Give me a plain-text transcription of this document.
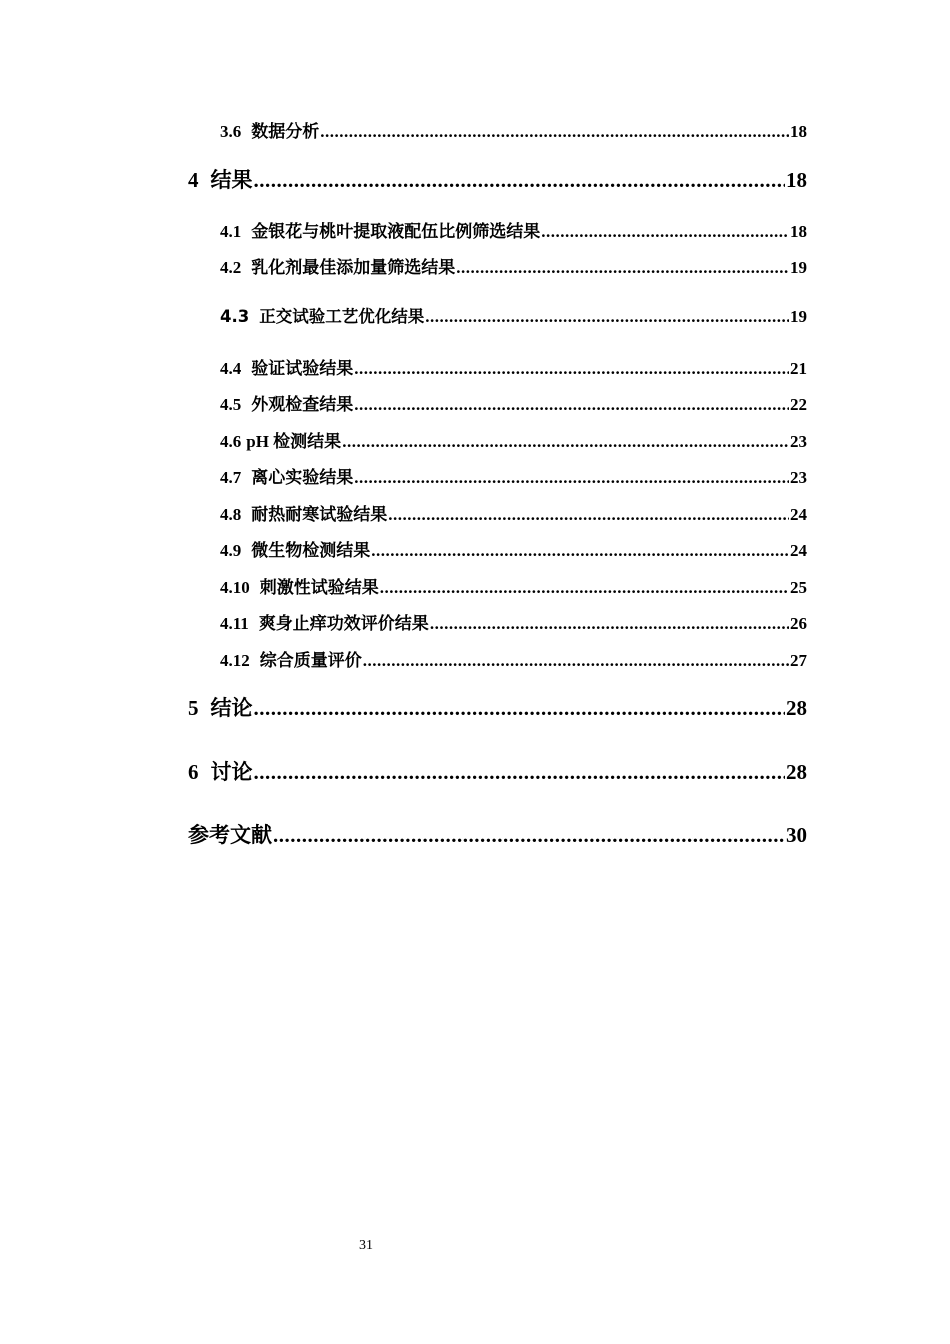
3.6 数据分析 .....	18
4 结果 .....	18
4.1 金银花与桃叶提取液配伍比例筛选结果 .....	18
4.2 乳化剂最佳添加量筛选结果 .....	19
4.3 正交试验工艺优化结果 .....	19
4.4 验证试验结果 .....	21
4.5 外观检查结果 .....	22
4.6 pH 检测结果 .....	23
4.7 离心实验结果 .....	23
4.8 耐热耐寒试验结果 .....	24
4.9 微生物检测结果 .....	24
4.10 刺激性试验结果 .....	25
4.11 爽身止痒功效评价结果 .....	26
4.12 综合质量评价 .....	27
5 结论 .....	28
6 讨论 .....	28
参考文献 .....	30
31
